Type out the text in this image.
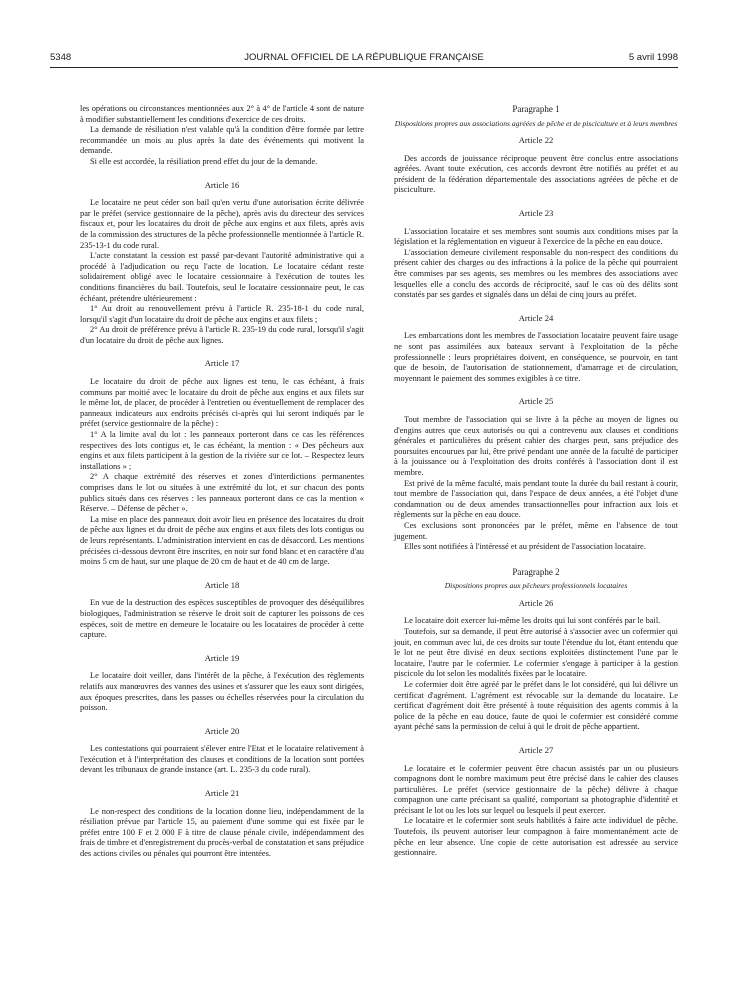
5348	JOURNAL OFFICIEL DE LA RÉPUBLIQUE FRANÇAISE	5 avril 1998

les opérations ou circonstances mentionnées aux 2° à 4° de l'article 4 sont de nature à modifier substantiellement les conditions d'exercice de ces droits.

La demande de résiliation n'est valable qu'à la condition d'être formée par lettre recommandée un mois au plus après la date des événements qui motivent la demande.

Si elle est accordée, la résiliation prend effet du jour de la demande.

Article 16

Le locataire ne peut céder son bail qu'en vertu d'une autorisation écrite délivrée par le préfet (service gestionnaire de la pêche), après avis du directeur des services fiscaux et, pour les locataires du droit de pêche aux engins et aux filets, après avis de la commission des structures de la pêche professionnelle mentionnée à l'article R. 235-13-1 du code rural.

L'acte constatant la cession est passé par-devant l'autorité administrative qui a procédé à l'adjudication ou reçu l'acte de location. Le locataire cédant reste solidairement obligé avec le locataire cessionnaire à l'exécution de toutes les conditions financières du bail. Toutefois, seul le locataire cessionnaire peut, le cas échéant, prétendre ultérieurement :

1° Au droit au renouvellement prévu à l'article R. 235-18-1 du code rural, lorsqu'il s'agit d'un locataire du droit de pêche aux engins et aux filets ;

2° Au droit de préférence prévu à l'article R. 235-19 du code rural, lorsqu'il s'agit d'un locataire du droit de pêche aux lignes.

Article 17

Le locataire du droit de pêche aux lignes est tenu, le cas échéant, à frais communs par moitié avec le locataire du droit de pêche aux engins et aux filets sur le même lot, de placer, de procéder à l'entretien ou éventuellement de remplacer des panneaux indicateurs aux endroits précisés ci-après qui lui seront indiqués par le préfet (service gestionnaire de la pêche) :

1° A la limite aval du lot : les panneaux porteront dans ce cas les références respectives des lots contigus et, le cas échéant, la mention : « Des pêcheurs aux engins et aux filets participent à la gestion de la rivière sur ce lot. – Respectez leurs installations » ;

2° A chaque extrémité des réserves et zones d'interdictions permanentes comprises dans le lot ou situées à une extrémité du lot, et sur chacun des ponts publics situés dans ces réserves : les panneaux porteront dans ce cas la mention « Réserve. – Défense de pêcher ».

La mise en place des panneaux doit avoir lieu en présence des locataires du droit de pêche aux lignes et du droit de pêche aux engins et aux filets des lots contigus ou de leurs représentants. L'administration intervient en cas de désaccord. Les mentions précisées ci-dessous devront être inscrites, en noir sur fond blanc et en caractère d'au moins 5 cm de haut, sur une plaque de 20 cm de haut et de 40 cm de large.

Article 18

En vue de la destruction des espèces susceptibles de provoquer des déséquilibres biologiques, l'administration se réserve le droit soit de capturer les poissons de ces espèces, soit de mettre en demeure le locataire ou les locataires de procéder à cette capture.

Article 19

Le locataire doit veiller, dans l'intérêt de la pêche, à l'exécution des règlements relatifs aux manœuvres des vannes des usines et s'assurer que les eaux sont dirigées, aux époques prescrites, dans les passes ou échelles réservées pour la circulation du poisson.

Article 20

Les contestations qui pourraient s'élever entre l'Etat et le locataire relativement à l'exécution et à l'interprétation des clauses et conditions de la location sont portées devant les tribunaux de grande instance (art. L. 235-3 du code rural).

Article 21

Le non-respect des conditions de la location donne lieu, indépendamment de la résiliation prévue par l'article 15, au paiement d'une somme qui est fixée par le préfet entre 100 F et 2 000 F à titre de clause pénale civile, indépendamment des frais de timbre et d'enregistrement du procès-verbal de constatation et sans préjudice des actions civiles ou pénales qui pourront être intentées.

Paragraphe 1
Dispositions propres aux associations agréées de pêche et de pisciculture et à leurs membres
Article 22

Des accords de jouissance réciproque peuvent être conclus entre associations agréées. Avant toute exécution, ces accords devront être notifiés au préfet et au président de la fédération départementale des associations agréées de pêche et de pisciculture.

Article 23

L'association locataire et ses membres sont soumis aux conditions mises par la législation et la réglementation en vigueur à l'exercice de la pêche en eau douce.

L'association demeure civilement responsable du non-respect des conditions du présent cahier des charges ou des infractions à la police de la pêche qui pourraient être commises par ses agents, ses membres ou les membres des associations avec lesquelles elle a conclu des accords de réciprocité, sauf le cas où des délits sont constatés par ses gardes et signalés dans un délai de cinq jours au préfet.

Article 24

Les embarcations dont les membres de l'association locataire peuvent faire usage ne sont pas assimilées aux bateaux servant à l'exploitation de la pêche professionnelle : leurs propriétaires doivent, en conséquence, se pourvoir, en tant que de besoin, de l'autorisation de stationnement, d'amarrage et de circulation, moyennant le paiement des sommes exigibles à ce titre.

Article 25

Tout membre de l'association qui se livre à la pêche au moyen de lignes ou d'engins autres que ceux autorisés ou qui a contrevenu aux clauses et conditions générales et particulières du présent cahier des charges peut, sans préjudice des poursuites encourues par lui, être privé pendant une année de la faculté de participer à la jouissance ou à l'exploitation des droits conférés à l'association dont il est membre.

Est privé de la même faculté, mais pendant toute la durée du bail restant à courir, tout membre de l'association qui, dans l'espace de deux années, a été l'objet d'une condamnation ou de deux amendes transactionnelles pour infraction aux lois et règlements sur la pêche en eau douce.

Ces exclusions sont prononcées par le préfet, même en l'absence de tout jugement.

Elles sont notifiées à l'intéressé et au président de l'association locataire.

Paragraphe 2
Dispositions propres aux pêcheurs professionnels locataires
Article 26

Le locataire doit exercer lui-même les droits qui lui sont conférés par le bail.

Toutefois, sur sa demande, il peut être autorisé à s'associer avec un cofermier qui jouit, en commun avec lui, de ces droits sur toute l'étendue du lot, étant entendu que le lot ne peut être divisé en deux sections exploitées distinctement l'une par le locataire, l'autre par le cofermier. Le cofermier s'engage à participer à la gestion piscicole du lot selon les modalités fixées par le locataire.

Le cofermier doit être agréé par le préfet dans le lot considéré, qui lui délivre un certificat d'agrément. L'agrément est révocable sur la demande du locataire. Le certificat d'agrément doit être présenté à toute réquisition des agents commis à la police de la pêche en eau douce, faute de quoi le cofermier est considéré comme ayant péché sans la permission de celui à qui le droit de pêche appartient.

Article 27

Le locataire et le cofermier peuvent être chacun assistés par un ou plusieurs compagnons dont le nombre maximum peut être précisé dans le cahier des clauses particulières. Le préfet (service gestionnaire de la pêche) délivre à chaque compagnon une carte précisant sa qualité, comportant sa photographie d'identité et précisant le lot ou les lots sur lequel ou lesquels il peut exercer.

Le locataire et le cofermier sont seuls habilités à faire acte individuel de pêche. Toutefois, ils peuvent autoriser leur compagnon à faire momentanément acte de pêche en leur absence. Une copie de cette autorisation est adressée au service gestionnaire.
